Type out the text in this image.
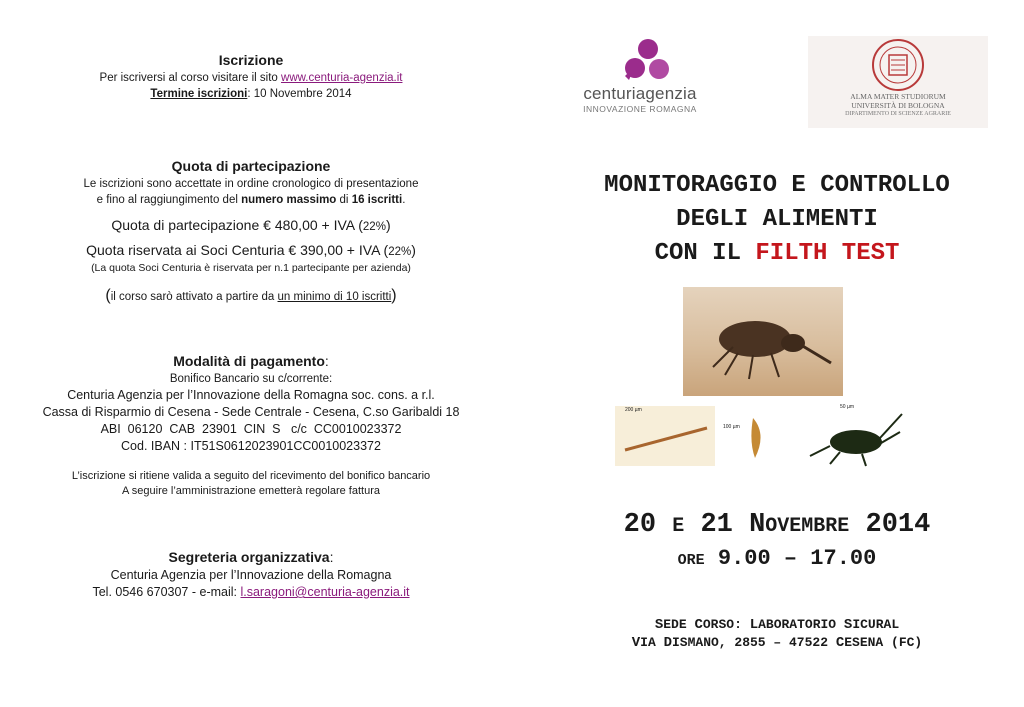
Iscrizione
Per iscriversi al corso visitare il sito www.centuria-agenzia.it
Termine iscrizioni: 10 Novembre 2014
Quota di partecipazione
Le iscrizioni sono accettate in ordine cronologico di presentazione
e fino al raggiungimento del numero massimo di 16 iscritti.
Quota di partecipazione € 480,00 + IVA (22%)
Quota riservata ai Soci Centuria € 390,00 + IVA (22%)
(La quota Soci Centuria è riservata per n.1 partecipante per azienda)
(il corso sarò attivato a partire da un minimo di 10 iscritti)
Modalità di pagamento:
Bonifico Bancario su c/corrente:
Centuria Agenzia per l’Innovazione della Romagna soc. cons. a r.l.
Cassa di Risparmio di Cesena - Sede Centrale - Cesena, C.so Garibaldi 18
ABI  06120  CAB  23901  CIN  S   c/c  CC0010023372
Cod. IBAN : IT51S0612023901CC0010023372
L’iscrizione si ritiene valida a seguito del ricevimento del bonifico bancario
A seguire l’amministrazione emetterà regolare fattura
Segreteria organizzativa:
Centuria Agenzia per l’Innovazione della Romagna
Tel. 0546 670307 - e-mail: l.saragoni@centuria-agenzia.it
centuriagenzia
INNOVAZIONE ROMAGNA
ALMA MATER STUDIORUM
UNIVERSITÀ DI BOLOGNA
DIPARTIMENTO DI SCIENZE AGRARIE
MONITORAGGIO E CONTROLLO
DEGLI ALIMENTI
CON IL FILTH TEST
200 µm
100 µm
50 µm
20 E 21 NOVEMBRE 2014
ORE 9.00 – 17.00
SEDE CORSO: LABORATORIO SICURAL
VIA DISMANO, 2855 – 47522 CESENA (FC)
